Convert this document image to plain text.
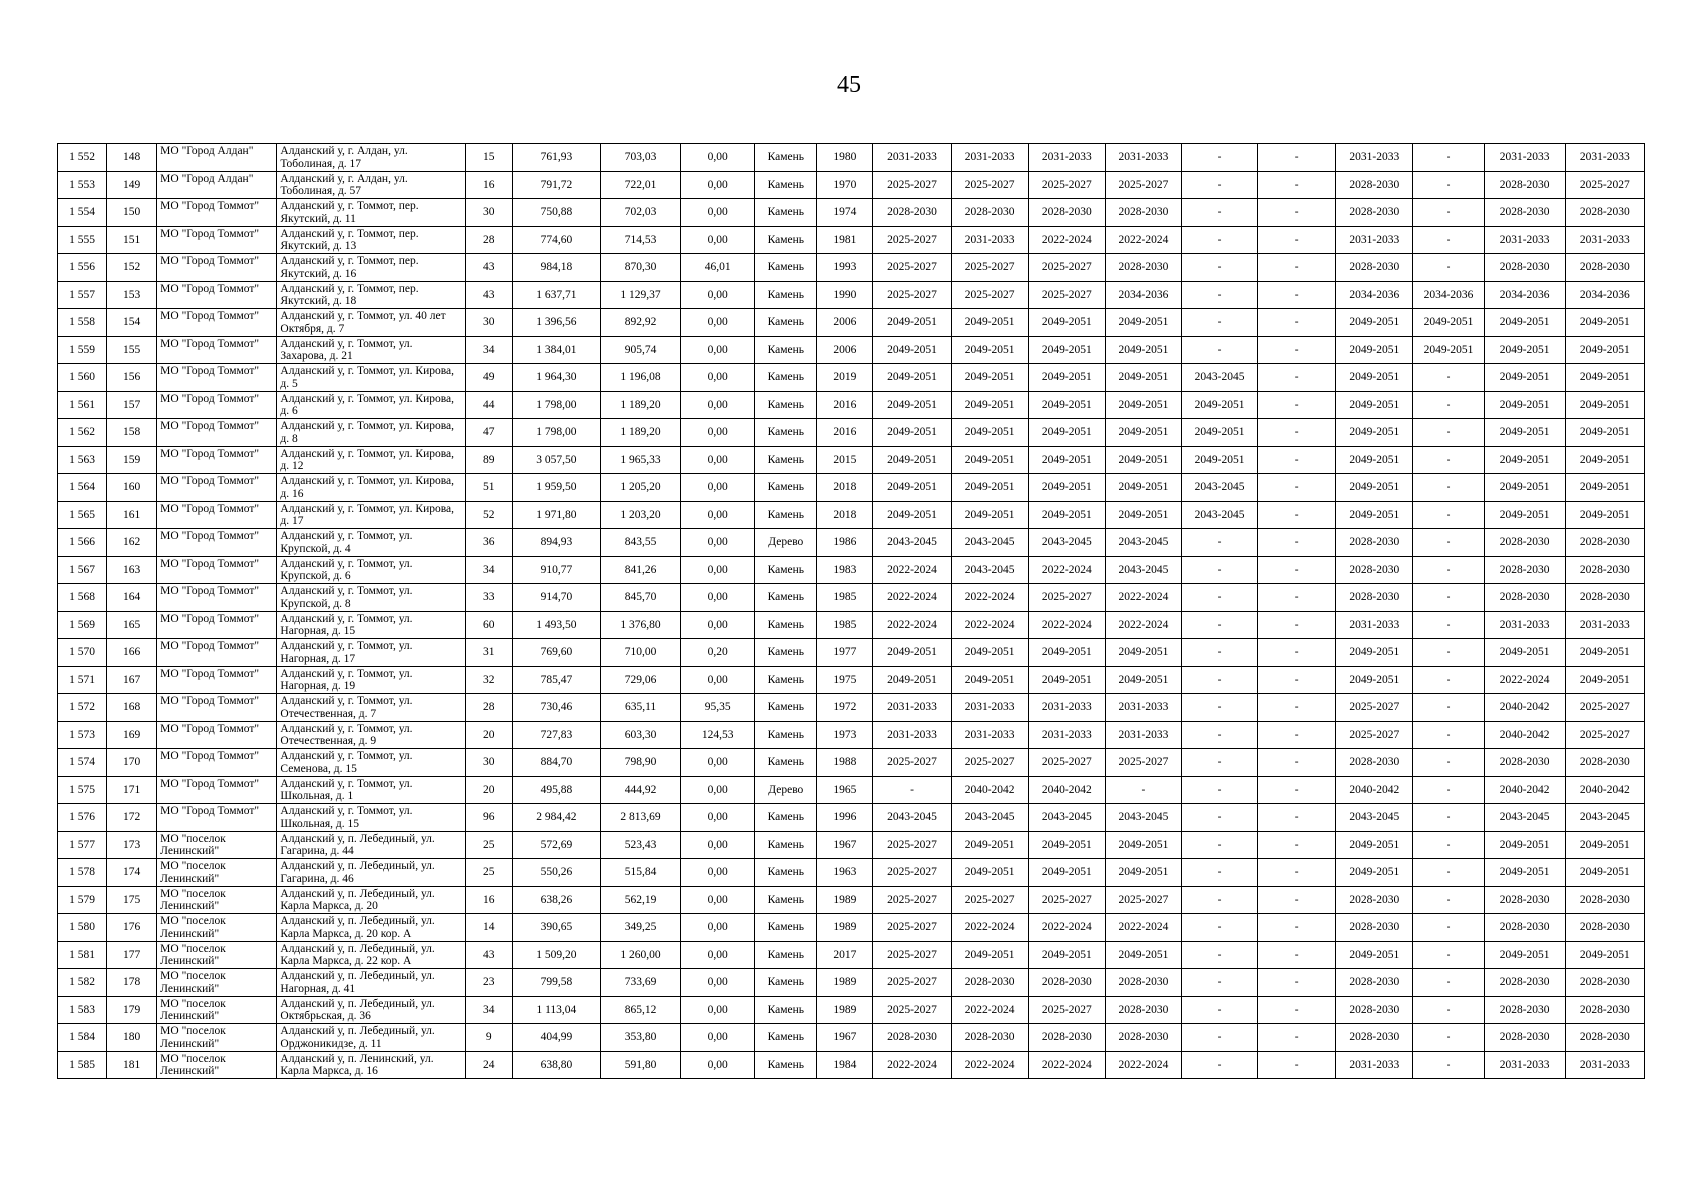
45
1 552	148	МО "Город Алдан"	Алданский у, г. Алдан, ул. Тоболиная, д. 17	15	761,93	703,03	0,00	Камень	1980	2031-2033	2031-2033	2031-2033	2031-2033	-	-	2031-2033	-	2031-2033	2031-2033
1 553	149	МО "Город Алдан"	Алданский у, г. Алдан, ул. Тоболиная, д. 57	16	791,72	722,01	0,00	Камень	1970	2025-2027	2025-2027	2025-2027	2025-2027	-	-	2028-2030	-	2028-2030	2025-2027
1 554	150	МО "Город Томмот"	Алданский у, г. Томмот, пер. Якутский, д. 11	30	750,88	702,03	0,00	Камень	1974	2028-2030	2028-2030	2028-2030	2028-2030	-	-	2028-2030	-	2028-2030	2028-2030
1 555	151	МО "Город Томмот"	Алданский у, г. Томмот, пер. Якутский, д. 13	28	774,60	714,53	0,00	Камень	1981	2025-2027	2031-2033	2022-2024	2022-2024	-	-	2031-2033	-	2031-2033	2031-2033
1 556	152	МО "Город Томмот"	Алданский у, г. Томмот, пер. Якутский, д. 16	43	984,18	870,30	46,01	Камень	1993	2025-2027	2025-2027	2025-2027	2028-2030	-	-	2028-2030	-	2028-2030	2028-2030
1 557	153	МО "Город Томмот"	Алданский у, г. Томмот, пер. Якутский, д. 18	43	1 637,71	1 129,37	0,00	Камень	1990	2025-2027	2025-2027	2025-2027	2034-2036	-	-	2034-2036	2034-2036	2034-2036	2034-2036
1 558	154	МО "Город Томмот"	Алданский у, г. Томмот, ул. 40 лет Октября, д. 7	30	1 396,56	892,92	0,00	Камень	2006	2049-2051	2049-2051	2049-2051	2049-2051	-	-	2049-2051	2049-2051	2049-2051	2049-2051
1 559	155	МО "Город Томмот"	Алданский у, г. Томмот, ул. Захарова, д. 21	34	1 384,01	905,74	0,00	Камень	2006	2049-2051	2049-2051	2049-2051	2049-2051	-	-	2049-2051	2049-2051	2049-2051	2049-2051
1 560	156	МО "Город Томмот"	Алданский у, г. Томмот, ул. Кирова, д. 5	49	1 964,30	1 196,08	0,00	Камень	2019	2049-2051	2049-2051	2049-2051	2049-2051	2043-2045	-	2049-2051	-	2049-2051	2049-2051
1 561	157	МО "Город Томмот"	Алданский у, г. Томмот, ул. Кирова, д. 6	44	1 798,00	1 189,20	0,00	Камень	2016	2049-2051	2049-2051	2049-2051	2049-2051	2049-2051	-	2049-2051	-	2049-2051	2049-2051
1 562	158	МО "Город Томмот"	Алданский у, г. Томмот, ул. Кирова, д. 8	47	1 798,00	1 189,20	0,00	Камень	2016	2049-2051	2049-2051	2049-2051	2049-2051	2049-2051	-	2049-2051	-	2049-2051	2049-2051
1 563	159	МО "Город Томмот"	Алданский у, г. Томмот, ул. Кирова, д. 12	89	3 057,50	1 965,33	0,00	Камень	2015	2049-2051	2049-2051	2049-2051	2049-2051	2049-2051	-	2049-2051	-	2049-2051	2049-2051
1 564	160	МО "Город Томмот"	Алданский у, г. Томмот, ул. Кирова, д. 16	51	1 959,50	1 205,20	0,00	Камень	2018	2049-2051	2049-2051	2049-2051	2049-2051	2043-2045	-	2049-2051	-	2049-2051	2049-2051
1 565	161	МО "Город Томмот"	Алданский у, г. Томмот, ул. Кирова, д. 17	52	1 971,80	1 203,20	0,00	Камень	2018	2049-2051	2049-2051	2049-2051	2049-2051	2043-2045	-	2049-2051	-	2049-2051	2049-2051
1 566	162	МО "Город Томмот"	Алданский у, г. Томмот, ул. Крупской, д. 4	36	894,93	843,55	0,00	Дерево	1986	2043-2045	2043-2045	2043-2045	2043-2045	-	-	2028-2030	-	2028-2030	2028-2030
1 567	163	МО "Город Томмот"	Алданский у, г. Томмот, ул. Крупской, д. 6	34	910,77	841,26	0,00	Камень	1983	2022-2024	2043-2045	2022-2024	2043-2045	-	-	2028-2030	-	2028-2030	2028-2030
1 568	164	МО "Город Томмот"	Алданский у, г. Томмот, ул. Крупской, д. 8	33	914,70	845,70	0,00	Камень	1985	2022-2024	2022-2024	2025-2027	2022-2024	-	-	2028-2030	-	2028-2030	2028-2030
1 569	165	МО "Город Томмот"	Алданский у, г. Томмот, ул. Нагорная, д. 15	60	1 493,50	1 376,80	0,00	Камень	1985	2022-2024	2022-2024	2022-2024	2022-2024	-	-	2031-2033	-	2031-2033	2031-2033
1 570	166	МО "Город Томмот"	Алданский у, г. Томмот, ул. Нагорная, д. 17	31	769,60	710,00	0,20	Камень	1977	2049-2051	2049-2051	2049-2051	2049-2051	-	-	2049-2051	-	2049-2051	2049-2051
1 571	167	МО "Город Томмот"	Алданский у, г. Томмот, ул. Нагорная, д. 19	32	785,47	729,06	0,00	Камень	1975	2049-2051	2049-2051	2049-2051	2049-2051	-	-	2049-2051	-	2022-2024	2049-2051
1 572	168	МО "Город Томмот"	Алданский у, г. Томмот, ул. Отечественная, д. 7	28	730,46	635,11	95,35	Камень	1972	2031-2033	2031-2033	2031-2033	2031-2033	-	-	2025-2027	-	2040-2042	2025-2027
1 573	169	МО "Город Томмот"	Алданский у, г. Томмот, ул. Отечественная, д. 9	20	727,83	603,30	124,53	Камень	1973	2031-2033	2031-2033	2031-2033	2031-2033	-	-	2025-2027	-	2040-2042	2025-2027
1 574	170	МО "Город Томмот"	Алданский у, г. Томмот, ул. Семенова, д. 15	30	884,70	798,90	0,00	Камень	1988	2025-2027	2025-2027	2025-2027	2025-2027	-	-	2028-2030	-	2028-2030	2028-2030
1 575	171	МО "Город Томмот"	Алданский у, г. Томмот, ул. Школьная, д. 1	20	495,88	444,92	0,00	Дерево	1965	-	2040-2042	2040-2042	-	-	-	2040-2042	-	2040-2042	2040-2042
1 576	172	МО "Город Томмот"	Алданский у, г. Томмот, ул. Школьная, д. 15	96	2 984,42	2 813,69	0,00	Камень	1996	2043-2045	2043-2045	2043-2045	2043-2045	-	-	2043-2045	-	2043-2045	2043-2045
1 577	173	МО "поселок Ленинский"	Алданский у, п. Лебединый, ул. Гагарина, д. 44	25	572,69	523,43	0,00	Камень	1967	2025-2027	2049-2051	2049-2051	2049-2051	-	-	2049-2051	-	2049-2051	2049-2051
1 578	174	МО "поселок Ленинский"	Алданский у, п. Лебединый, ул. Гагарина, д. 46	25	550,26	515,84	0,00	Камень	1963	2025-2027	2049-2051	2049-2051	2049-2051	-	-	2049-2051	-	2049-2051	2049-2051
1 579	175	МО "поселок Ленинский"	Алданский у, п. Лебединый, ул. Карла Маркса, д. 20	16	638,26	562,19	0,00	Камень	1989	2025-2027	2025-2027	2025-2027	2025-2027	-	-	2028-2030	-	2028-2030	2028-2030
1 580	176	МО "поселок Ленинский"	Алданский у, п. Лебединый, ул. Карла Маркса, д. 20 кор. А	14	390,65	349,25	0,00	Камень	1989	2025-2027	2022-2024	2022-2024	2022-2024	-	-	2028-2030	-	2028-2030	2028-2030
1 581	177	МО "поселок Ленинский"	Алданский у, п. Лебединый, ул. Карла Маркса, д. 22 кор. А	43	1 509,20	1 260,00	0,00	Камень	2017	2025-2027	2049-2051	2049-2051	2049-2051	-	-	2049-2051	-	2049-2051	2049-2051
1 582	178	МО "поселок Ленинский"	Алданский у, п. Лебединый, ул. Нагорная, д. 41	23	799,58	733,69	0,00	Камень	1989	2025-2027	2028-2030	2028-2030	2028-2030	-	-	2028-2030	-	2028-2030	2028-2030
1 583	179	МО "поселок Ленинский"	Алданский у, п. Лебединый, ул. Октябрьская, д. 36	34	1 113,04	865,12	0,00	Камень	1989	2025-2027	2022-2024	2025-2027	2028-2030	-	-	2028-2030	-	2028-2030	2028-2030
1 584	180	МО "поселок Ленинский"	Алданский у, п. Лебединый, ул. Орджоникидзе, д. 11	9	404,99	353,80	0,00	Камень	1967	2028-2030	2028-2030	2028-2030	2028-2030	-	-	2028-2030	-	2028-2030	2028-2030
1 585	181	МО "поселок Ленинский"	Алданский у, п. Ленинский, ул. Карла Маркса, д. 16	24	638,80	591,80	0,00	Камень	1984	2022-2024	2022-2024	2022-2024	2022-2024	-	-	2031-2033	-	2031-2033	2031-2033
